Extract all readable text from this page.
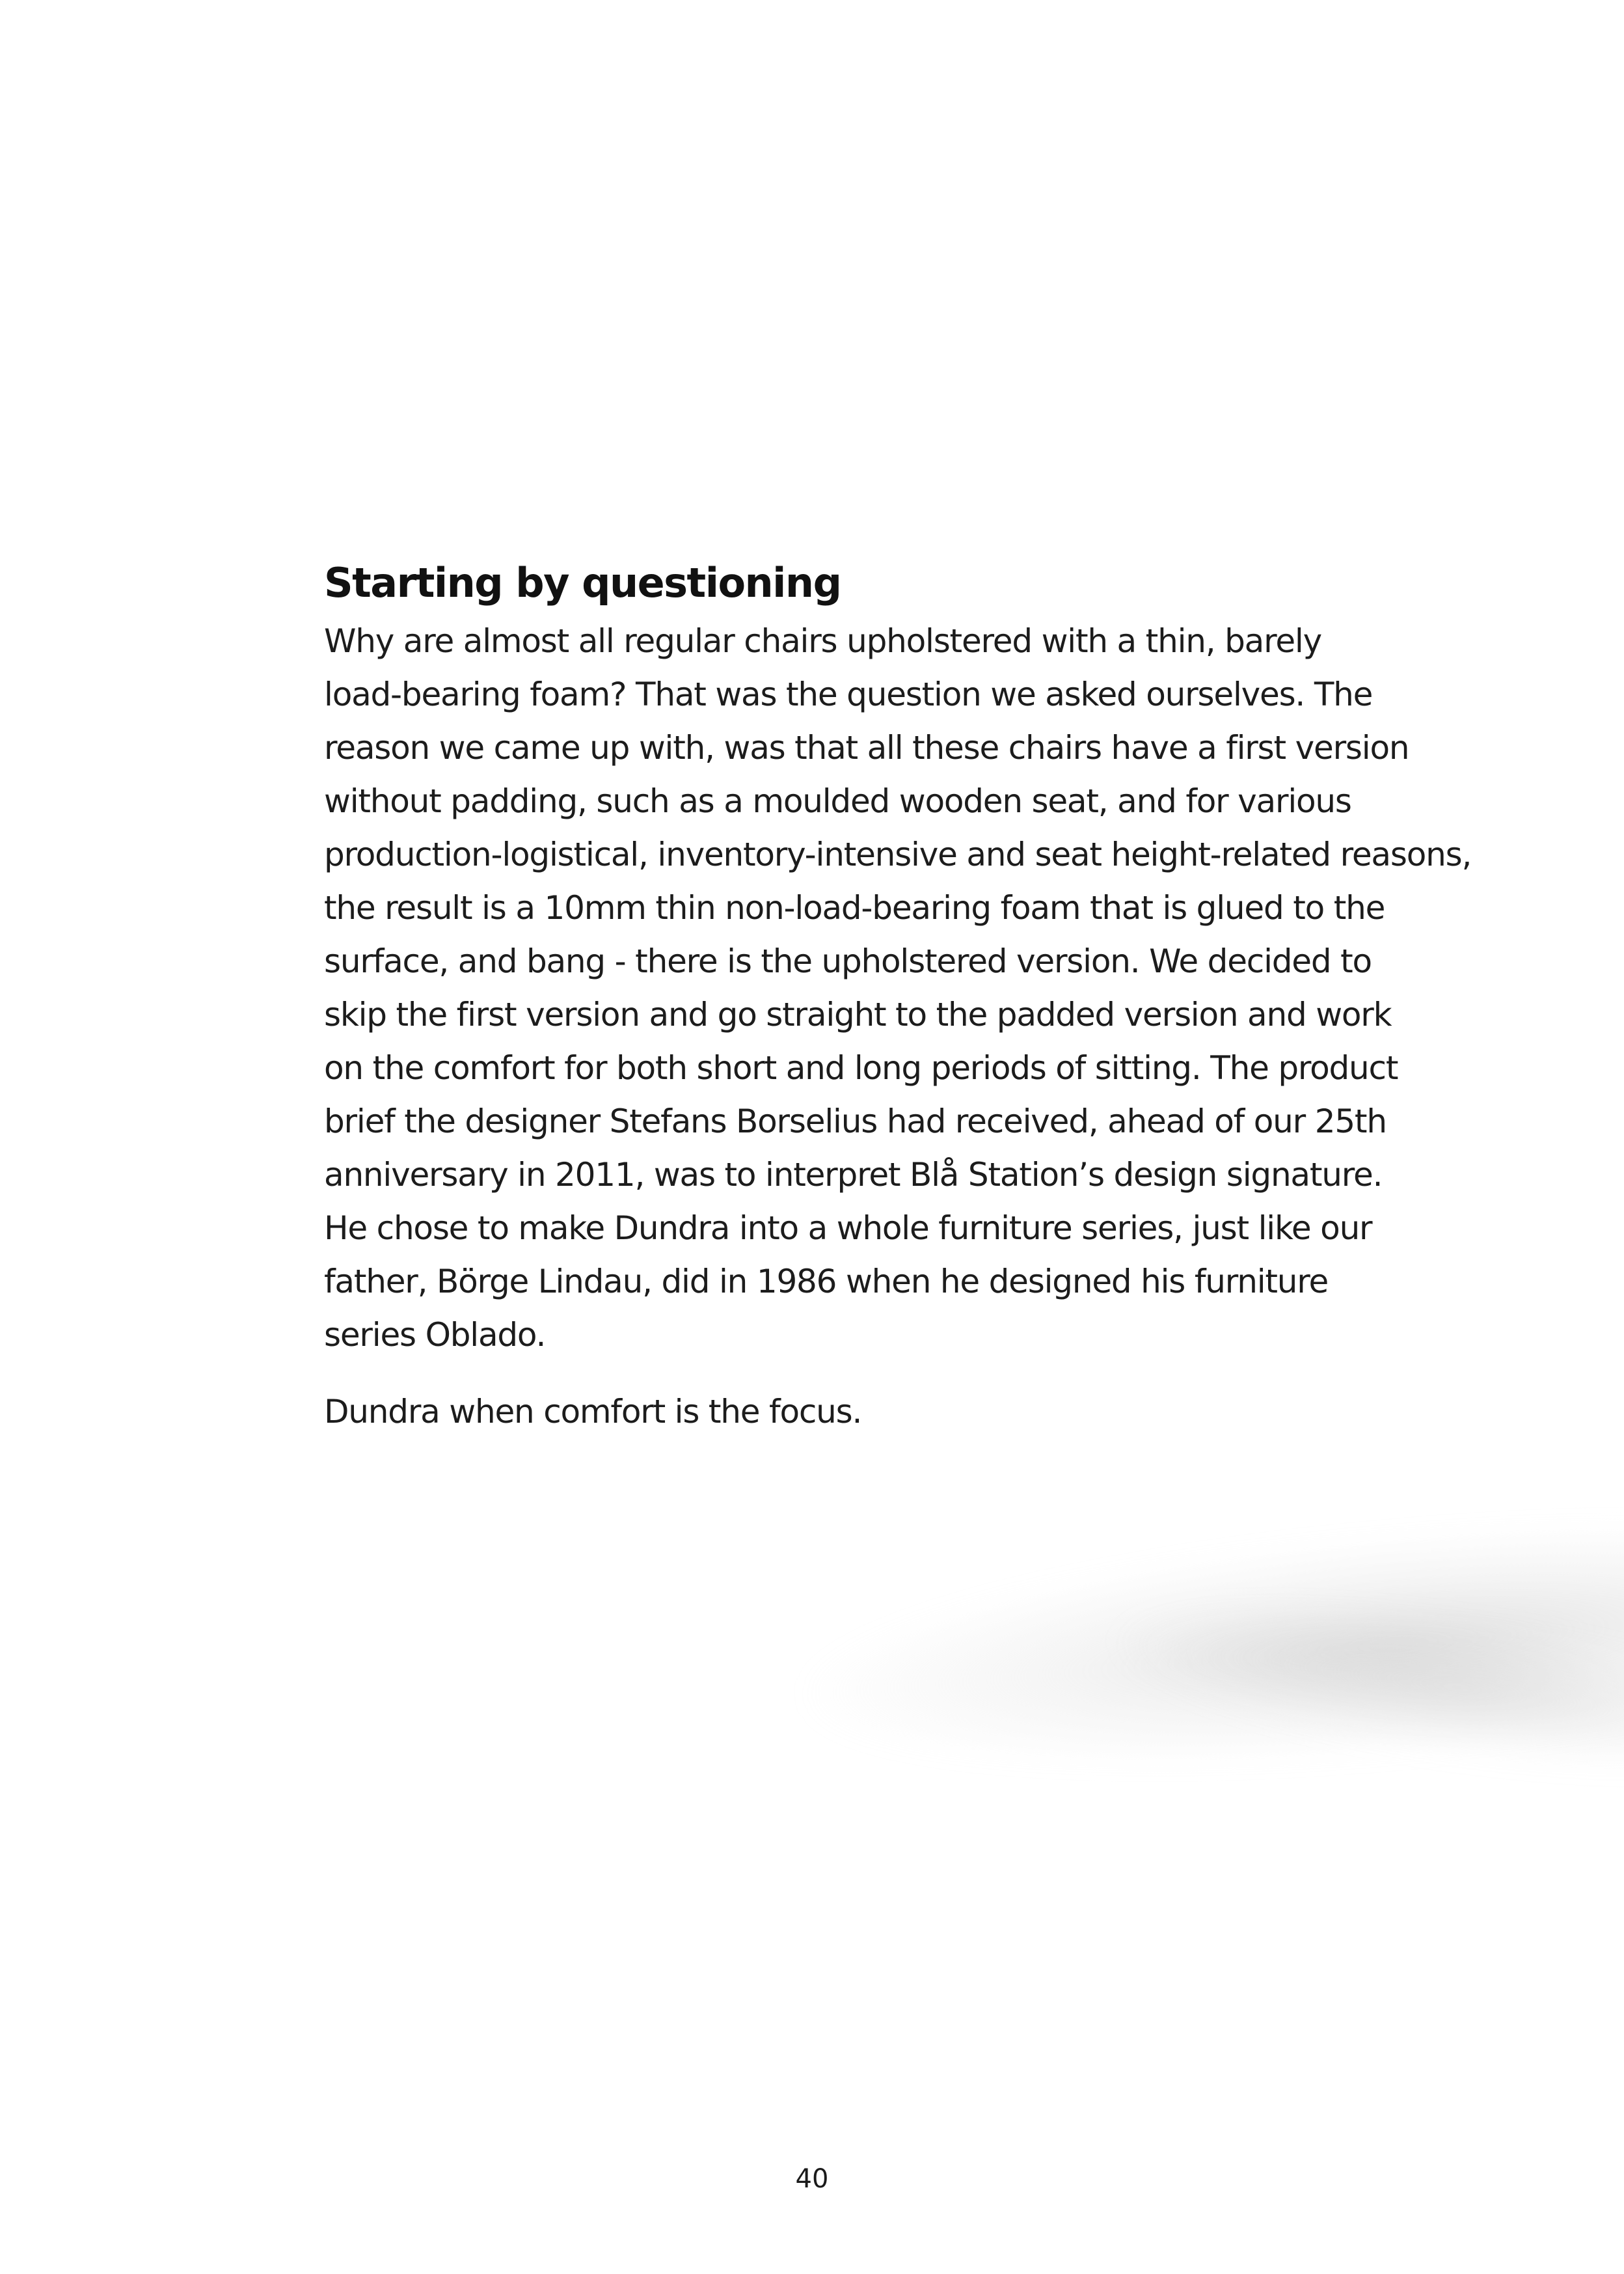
Starting by questioning

Why are almost all regular chairs upholstered with a thin, barely
load-bearing foam? That was the question we asked ourselves. The
reason we came up with, was that all these chairs have a first version
without padding, such as a moulded wooden seat, and for various
production-logistical, inventory-intensive and seat height-related reasons,
the result is a 10mm thin non-load-bearing foam that is glued to the
surface, and bang - there is the upholstered version. We decided to
skip the first version and go straight to the padded version and work
on the comfort for both short and long periods of sitting. The product
brief the designer Stefans Borselius had received, ahead of our 25th
anniversary in 2011, was to interpret Blå Station’s design signature.
He chose to make Dundra into a whole furniture series, just like our
father, Börge Lindau, did in 1986 when he designed his furniture
series Oblado.

Dundra when comfort is the focus.

40
